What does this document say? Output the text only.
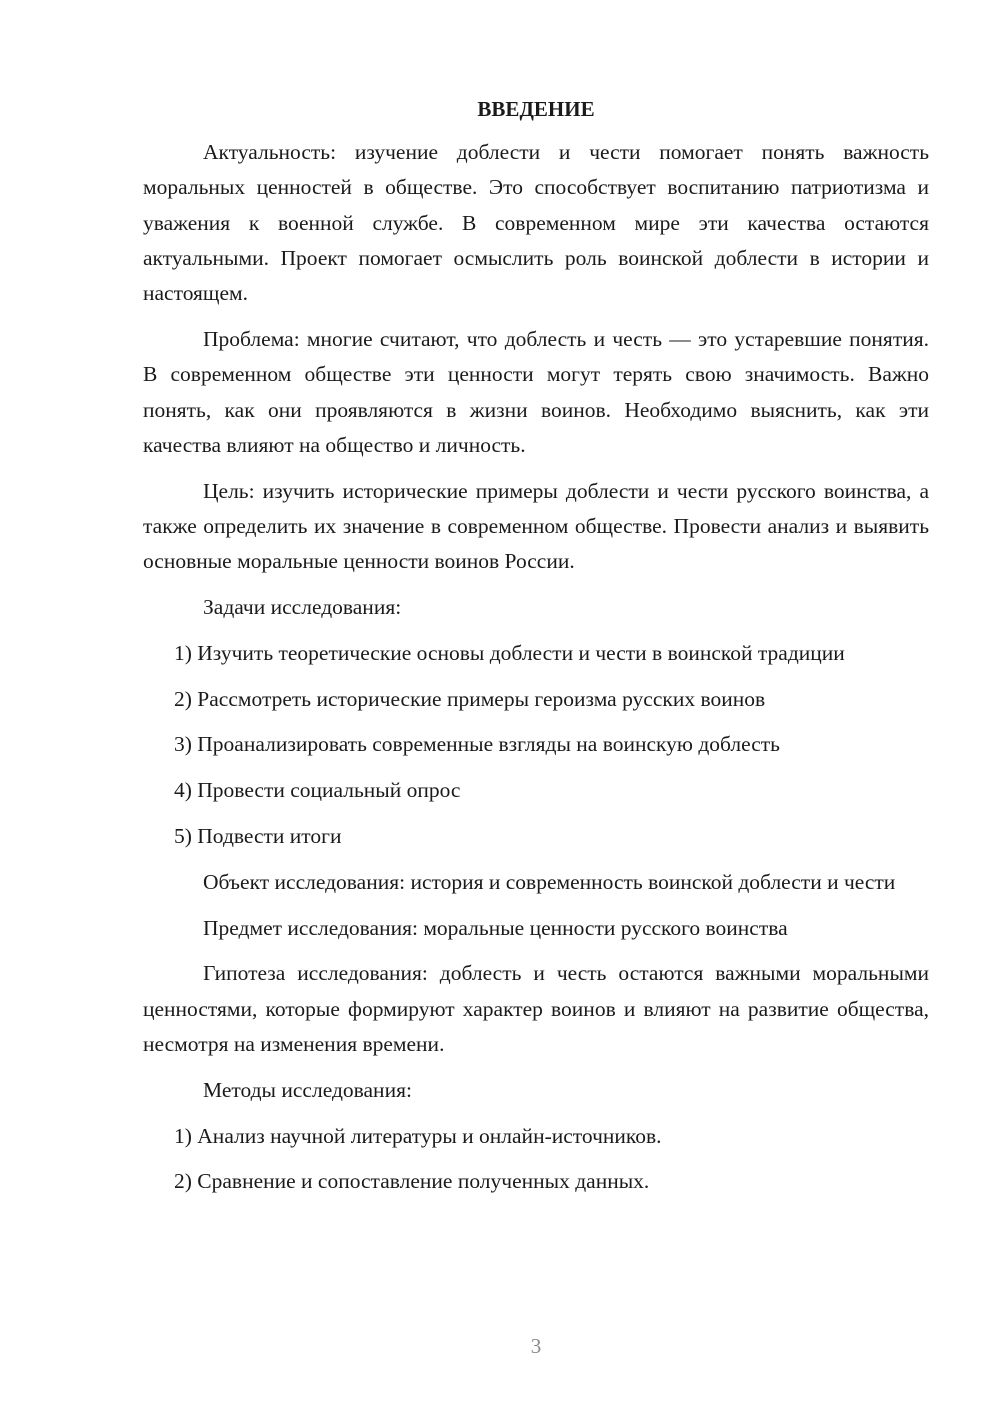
ВВЕДЕНИЕ

Актуальность: изучение доблести и чести помогает понять важность моральных ценностей в обществе. Это способствует воспитанию патриотизма и уважения к военной службе. В современном мире эти качества остаются актуальными. Проект помогает осмыслить роль воинской доблести в истории и настоящем.

Проблема: многие считают, что доблесть и честь — это устаревшие понятия. В современном обществе эти ценности могут терять свою значимость. Важно понять, как они проявляются в жизни воинов. Необходимо выяснить, как эти качества влияют на общество и личность.

Цель: изучить исторические примеры доблести и чести русского воинства, а также определить их значение в современном обществе. Провести анализ и выявить основные моральные ценности воинов России.

Задачи исследования:

1) Изучить теоретические основы доблести и чести в воинской традиции

2) Рассмотреть исторические примеры героизма русских воинов

3) Проанализировать современные взгляды на воинскую доблесть

4) Провести социальный опрос

5) Подвести итоги

Объект исследования: история и современность воинской доблести и чести

Предмет исследования: моральные ценности русского воинства

Гипотеза исследования: доблесть и честь остаются важными моральными ценностями, которые формируют характер воинов и влияют на развитие общества, несмотря на изменения времени.

Методы исследования:

1) Анализ научной литературы и онлайн-источников.

2) Сравнение и сопоставление полученных данных.

3
